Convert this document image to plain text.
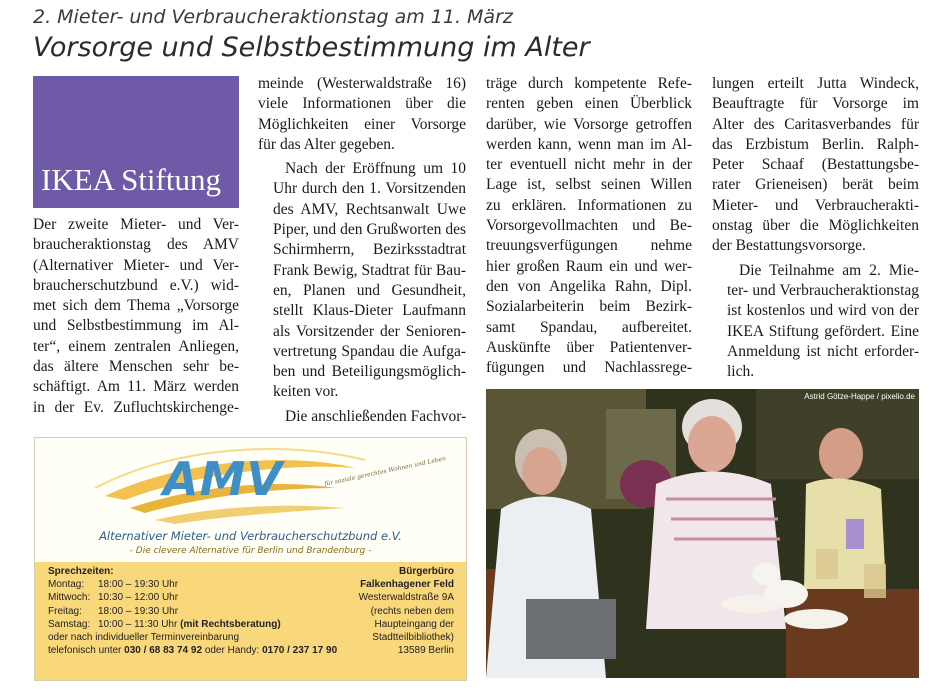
2. Mieter- und Verbraucheraktionstag am 11. März
Vorsorge und Selbstbestimmung im Alter
IKEA Stiftung

Der zweite Mieter- und Ver-
braucheraktionstag des AMV
(Alternativer Mieter- und Ver-
braucherschutzbund e.V.) wid-
met sich dem Thema „Vorsorge
und Selbstbestimmung im Al-
ter“, einem zentralen Anliegen,
das ältere Menschen sehr be-
schäftigt. Am 11. März werden
in der Ev. Zufluchtskirchenge-

meinde (Westerwaldstraße 16)
viele Informationen über die
Möglichkeiten einer Vorsorge
für das Alter gegeben.

Nach der Eröffnung um 10
Uhr durch den 1. Vorsitzenden
des AMV, Rechtsanwalt Uwe
Piper, und den Grußworten des
Schirmherrn, Bezirksstadtrat
Frank Bewig, Stadtrat für Bau-
en, Planen und Gesundheit,
stellt Klaus-Dieter Laufmann
als Vorsitzender der Senioren-
vertretung Spandau die Aufga-
ben und Beteiligungsmöglich-
keiten vor.

Die anschließenden Fachvor-

träge durch kompetente Refe-
renten geben einen Überblick
darüber, wie Vorsorge getroffen
werden kann, wenn man im Al-
ter eventuell nicht mehr in der
Lage ist, selbst seinen Willen
zu erklären. Informationen zu
Vorsorgevollmachten und Be-
treuungsverfügungen nehme
hier großen Raum ein und wer-
den von Angelika Rahn, Dipl.
Sozialarbeiterin beim Bezirk-
samt Spandau, aufbereitet.
Auskünfte über Patientenver-
fügungen und Nachlassrege-

lungen erteilt Jutta Windeck,
Beauftragte für Vorsorge im
Alter des Caritasverbandes für
das Erzbistum Berlin. Ralph-
Peter Schaaf (Bestattungsbe-
rater Grieneisen) berät beim
Mieter- und Verbraucherakti-
onstag über die Möglichkeiten
der Bestattungsvorsorge.

Die Teilnahme am 2. Mie-
ter- und Verbraucheraktionstag
ist kostenlos und wird von der
IKEA Stiftung gefördert. Eine
Anmeldung ist nicht erforder-
lich.

AMV	für soziale gerechtes Wohnen und Leben
Alternativer Mieter- und Verbraucherschutzbund e.V.
- Die clevere Alternative für Berlin und Brandenburg -
Sprechzeiten:
Montag: 18:00 – 19:30 Uhr
Mittwoch: 10:30 – 12:00 Uhr
Freitag: 18:00 – 19:30 Uhr
Samstag: 10:00 – 11:30 Uhr (mit Rechtsberatung)
oder nach individueller Terminvereinbarung
telefonisch unter 030 / 68 83 74 92 oder Handy: 0170 / 237 17 90
Bürgerbüro
Falkenhagener Feld
Westerwaldstraße 9A
(rechts neben dem
Haupteingang der
Stadtteilbibliothek)
13589 Berlin
Astrid Götze-Happe / pixelio.de
